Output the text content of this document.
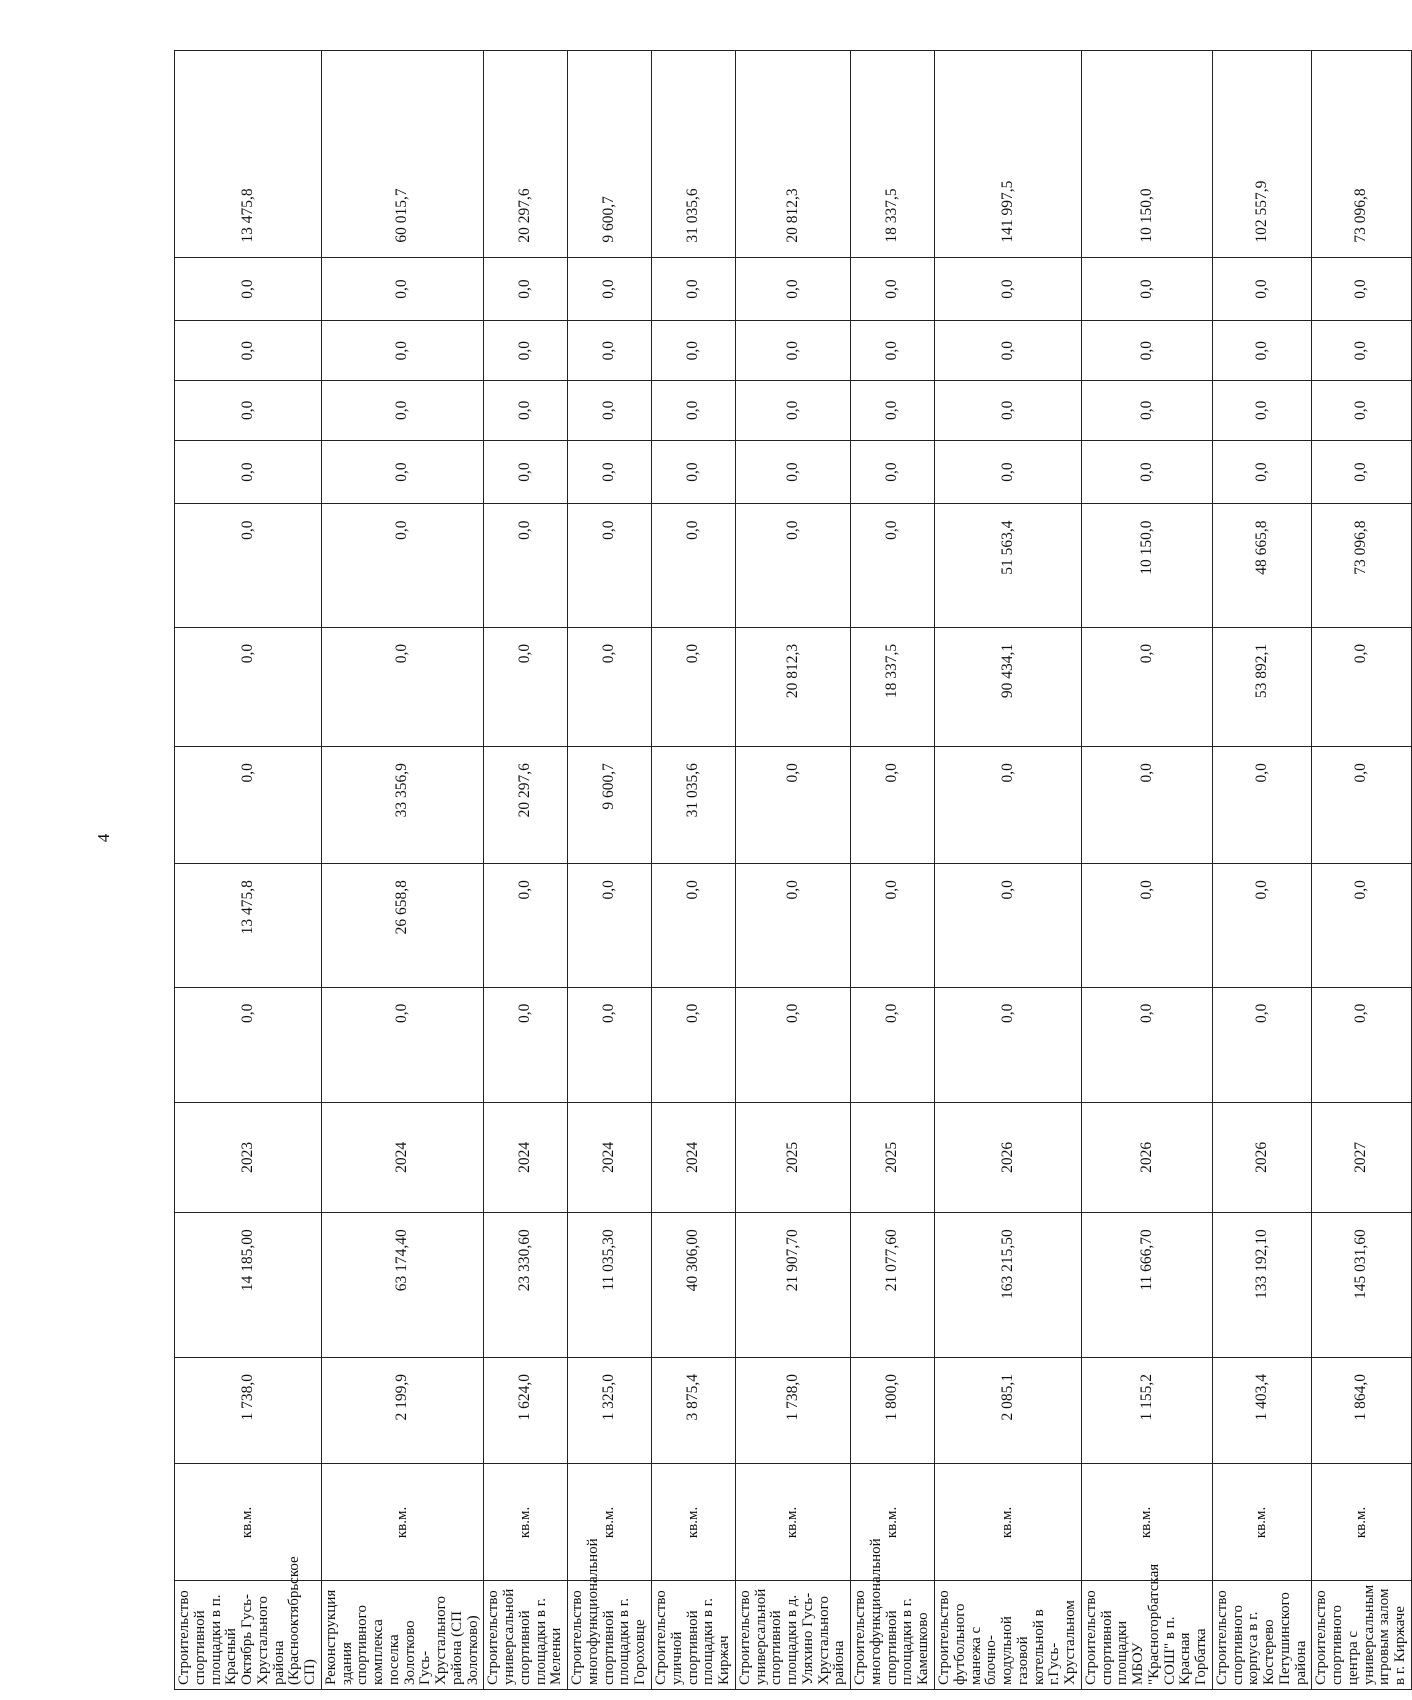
4
Строительство спортивной площадки в п. Красный Октябрь Гусь-Хрустального района (Краснооктябрьское СП)	кв.м.	1 738,0	14 185,00	2023	0,0	13 475,8	0,0	0,0	0,0	0,0	0,0	0,0	0,0	13 475,8
Реконструкция здания спортивного комплекса поселка Золотково Гусь-Хрустального района (СП Золотково)	кв.м.	2 199,9	63 174,40	2024	0,0	26 658,8	33 356,9	0,0	0,0	0,0	0,0	0,0	0,0	60 015,7
Строительство универсальной спортивной площадки в г. Меленки	кв.м.	1 624,0	23 330,60	2024	0,0	0,0	20 297,6	0,0	0,0	0,0	0,0	0,0	0,0	20 297,6
Строительство многофункциональной спортивной площадки в г. Гороховце	кв.м.	1 325,0	11 035,30	2024	0,0	0,0	9 600,7	0,0	0,0	0,0	0,0	0,0	0,0	9 600,7
Строительство уличной спортивной площадки в г. Киржач	кв.м.	3 875,4	40 306,00	2024	0,0	0,0	31 035,6	0,0	0,0	0,0	0,0	0,0	0,0	31 035,6
Строительство универсальной спортивной площадки в д. Уляхино Гусь-Хрустального района	кв.м.	1 738,0	21 907,70	2025	0,0	0,0	0,0	20 812,3	0,0	0,0	0,0	0,0	0,0	20 812,3
Строительство многофункциональной спортивной площадки в г. Камешково	кв.м.	1 800,0	21 077,60	2025	0,0	0,0	0,0	18 337,5	0,0	0,0	0,0	0,0	0,0	18 337,5
Строительство футбольного манежа с блочно-модульной газовой котельной в г.Гусь-Хрустальном	кв.м.	2 085,1	163 215,50	2026	0,0	0,0	0,0	90 434,1	51 563,4	0,0	0,0	0,0	0,0	141 997,5
Строительство спортивной площадки МБОУ "Красногорбатская СОШ" в п. Красная Горбатка	кв.м.	1 155,2	11 666,70	2026	0,0	0,0	0,0	0,0	10 150,0	0,0	0,0	0,0	0,0	10 150,0
Строительство спортивного корпуса в г. Костерево Петушинского района	кв.м.	1 403,4	133 192,10	2026	0,0	0,0	0,0	53 892,1	48 665,8	0,0	0,0	0,0	0,0	102 557,9
Строительство спортивного центра с универсальным игровым залом в г. Киржаче	кв.м.	1 864,0	145 031,60	2027	0,0	0,0	0,0	0,0	73 096,8	0,0	0,0	0,0	0,0	73 096,8
